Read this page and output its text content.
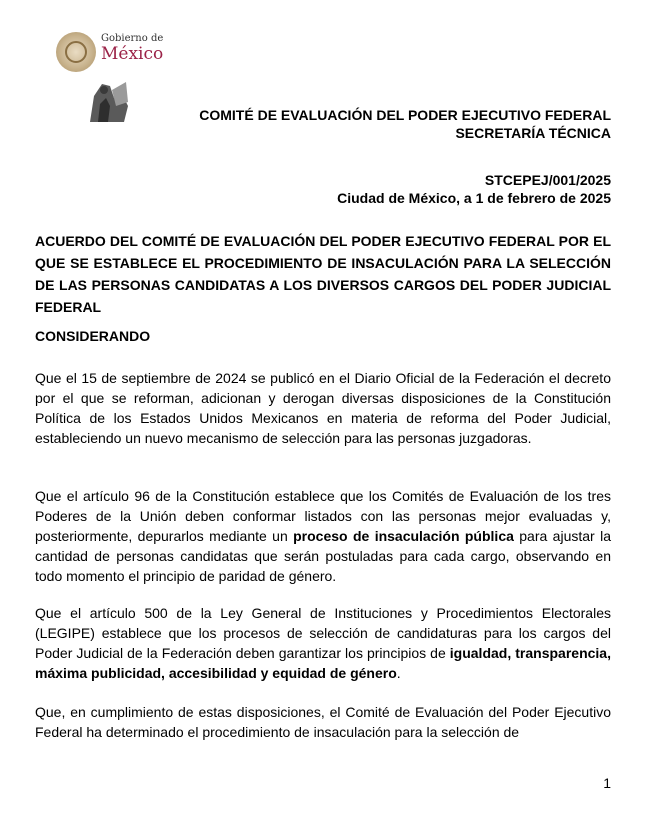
Gobierno de
México
COMITÉ DE EVALUACIÓN DEL PODER EJECUTIVO FEDERAL
SECRETARÍA TÉCNICA
STCEPEJ/001/2025
Ciudad de México, a 1 de febrero de 2025
ACUERDO DEL COMITÉ DE EVALUACIÓN DEL PODER EJECUTIVO FEDERAL POR EL QUE SE ESTABLECE EL PROCEDIMIENTO DE INSACULACIÓN PARA LA SELECCIÓN DE LAS PERSONAS CANDIDATAS A LOS DIVERSOS CARGOS DEL PODER JUDICIAL FEDERAL
CONSIDERANDO
Que el 15 de septiembre de 2024 se publicó en el Diario Oficial de la Federación el decreto por el que se reforman, adicionan y derogan diversas disposiciones de la Constitución Política de los Estados Unidos Mexicanos en materia de reforma del Poder Judicial, estableciendo un nuevo mecanismo de selección para las personas juzgadoras.
Que el artículo 96 de la Constitución establece que los Comités de Evaluación de los tres Poderes de la Unión deben conformar listados con las personas mejor evaluadas y, posteriormente, depurarlos mediante un proceso de insaculación pública para ajustar la cantidad de personas candidatas que serán postuladas para cada cargo, observando en todo momento el principio de paridad de género.
Que el artículo 500 de la Ley General de Instituciones y Procedimientos Electorales (LEGIPE) establece que los procesos de selección de candidaturas para los cargos del Poder Judicial de la Federación deben garantizar los principios de igualdad, transparencia, máxima publicidad, accesibilidad y equidad de género.
Que, en cumplimiento de estas disposiciones, el Comité de Evaluación del Poder Ejecutivo Federal ha determinado el procedimiento de insaculación para la selección de
1
